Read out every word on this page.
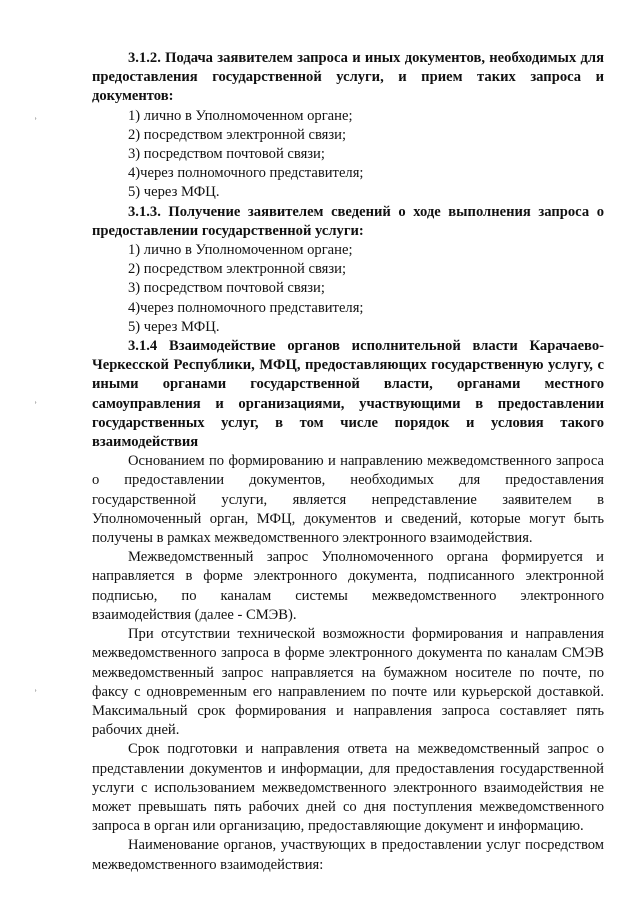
ʾ
ʾ
ʾ

3.1.2. Подача заявителем запроса и иных документов, необходимых для предоставления государственной услуги, и прием таких запроса и документов:

1) лично в Уполномоченном органе;
2) посредством электронной связи;
3) посредством почтовой связи;
4)через полномочного представителя;
5) через МФЦ.

3.1.3. Получение заявителем сведений о ходе выполнения запроса о предоставлении государственной услуги:

1) лично в Уполномоченном органе;
2) посредством электронной связи;
3) посредством почтовой связи;
4)через полномочного представителя;
5) через МФЦ.

3.1.4 Взаимодействие органов исполнительной власти Карачаево-Черкесской Республики, МФЦ, предоставляющих государственную услугу, с иными органами государственной власти, органами местного самоуправления и организациями, участвующими в предоставлении государственных услуг, в том числе порядок и условия такого взаимодействия

Основанием по формированию и направлению межведомственного запроса о предоставлении документов, необходимых для предоставления государственной услуги, является непредставление заявителем в Уполномоченный орган, МФЦ, документов и сведений, которые могут быть получены в рамках межведомственного электронного взаимодействия.

Межведомственный запрос Уполномоченного органа формируется и направляется в форме электронного документа, подписанного электронной подписью, по каналам системы межведомственного электронного взаимодействия (далее - СМЭВ).

При отсутствии технической возможности формирования и направления межведомственного запроса в форме электронного документа по каналам СМЭВ межведомственный запрос направляется на бумажном носителе по почте, по факсу с одновременным его направлением по почте или курьерской доставкой. Максимальный срок формирования и направления запроса составляет пять рабочих дней.

Срок подготовки и направления ответа на межведомственный запрос о представлении документов и информации, для предоставления государственной услуги с использованием межведомственного электронного взаимодействия не может превышать пять рабочих дней со дня поступления межведомственного запроса в орган или организацию, предоставляющие документ и информацию.

Наименование органов, участвующих в предоставлении услуг посредством межведомственного взаимодействия:
